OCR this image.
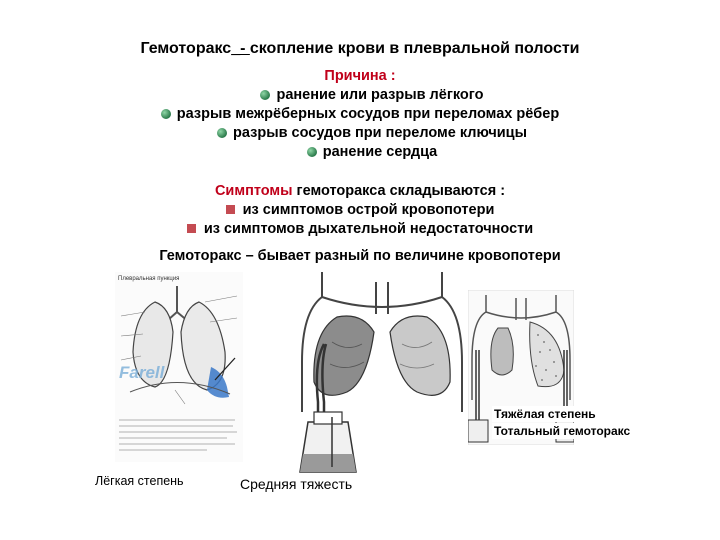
Гемоторакс_- скопление крови в плевральной полости
Причина :
ранение или разрыв лёгкого
разрыв межрёберных сосудов при переломах рёбер
разрыв сосудов при переломе ключицы
ранение сердца
Симптомы гемоторакса складываются :
из симптомов острой кровопотери
из симптомов дыхательной недостаточности
Гемоторакс – бывает разный по величине кровопотери
Плевральная пункция
Farell
Тяжёлая степень
Тотальный гемоторакс
Лёгкая степень	Средняя тяжесть
